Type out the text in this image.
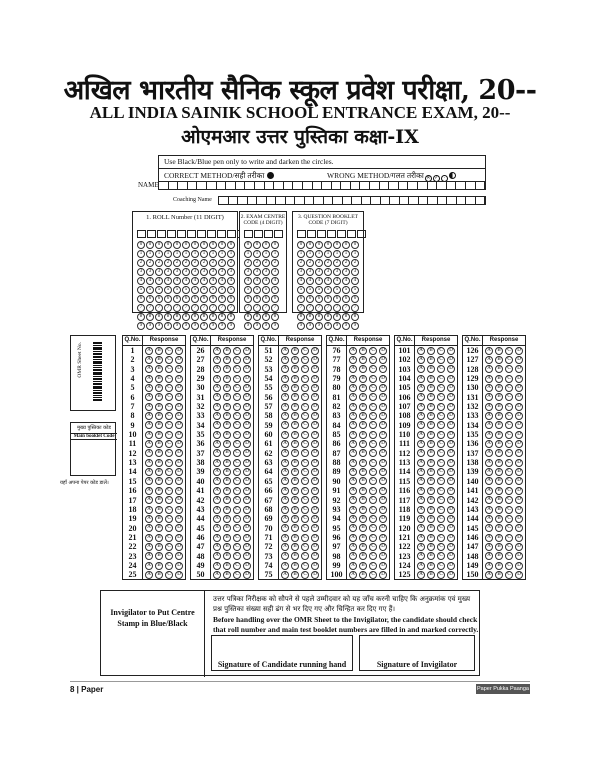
अखिल भारतीय सैनिक स्कूल प्रवेश परीक्षा, 20--
ALL INDIA SAINIK SCHOOL ENTRANCE EXAM, 20--
ओएमआर उत्तर पुस्तिका कक्षा-IX
Use Black/Blue pen only to write and darken the circles.
CORRECT METHOD/सही तरीका	WRONG METHOD/गलत तरीका ✕ ✓ ·
NAME
Coaching Name
1. ROLL Number (11 DIGIT)
0	0	0	0	0	0	0	0	0	0	0
1	1	1	1	1	1	1	1	1	1	1
2	2	2	2	2	2	2	2	2	2	2
3	3	3	3	3	3	3	3	3	3	3
4	4	4	4	4	4	4	4	4	4	4
5	5	5	5	5	5	5	5	5	5	5
6	6	6	6	6	6	6	6	6	6	6
7	7	7	7	7	7	7	7	7	7	7
8	8	8	8	8	8	8	8	8	8	8
9	9	9	9	9	9	9	9	9	9	9
2. EXAM CENTRE CODE (4 DIGIT)
0	0	0	0
1	1	1	1
2	2	2	2
3	3	3	3
4	4	4	4
5	5	5	5
6	6	6	6
7	7	7	7
8	8	8	8
9	9	9	9
3. QUESTION BOOKLET CODE (7 DIGIT)
0	0	0	0	0	0	0
1	1	1	1	1	1	1
2	2	2	2	2	2	2
3	3	3	3	3	3	3
4	4	4	4	4	4	4
5	5	5	5	5	5	5
6	6	6	6	6	6	6
7	7	7	7	7	7	7
8	8	8	8	8	8	8
9	9	9	9	9	9	9
OMR Sheet No.
मुख्य पुस्तिका कोड
Main booklet Code
यहाँ अपना पेपर कोड डालें।
Q.No.	Response
1	A	B	C	D
2	A	B	C	D
3	A	B	C	D
4	A	B	C	D
5	A	B	C	D
6	A	B	C	D
7	A	B	C	D
8	A	B	C	D
9	A	B	C	D
10	A	B	C	D
11	A	B	C	D
12	A	B	C	D
13	A	B	C	D
14	A	B	C	D
15	A	B	C	D
16	A	B	C	D
17	A	B	C	D
18	A	B	C	D
19	A	B	C	D
20	A	B	C	D
21	A	B	C	D
22	A	B	C	D
23	A	B	C	D
24	A	B	C	D
25	A	B	C	D
Q.No.	Response
26	A	B	C	D
27	A	B	C	D
28	A	B	C	D
29	A	B	C	D
30	A	B	C	D
31	A	B	C	D
32	A	B	C	D
33	A	B	C	D
34	A	B	C	D
35	A	B	C	D
36	A	B	C	D
37	A	B	C	D
38	A	B	C	D
39	A	B	C	D
40	A	B	C	D
41	A	B	C	D
42	A	B	C	D
43	A	B	C	D
44	A	B	C	D
45	A	B	C	D
46	A	B	C	D
47	A	B	C	D
48	A	B	C	D
49	A	B	C	D
50	A	B	C	D
Q.No.	Response
51	A	B	C	D
52	A	B	C	D
53	A	B	C	D
54	A	B	C	D
55	A	B	C	D
56	A	B	C	D
57	A	B	C	D
58	A	B	C	D
59	A	B	C	D
60	A	B	C	D
61	A	B	C	D
62	A	B	C	D
63	A	B	C	D
64	A	B	C	D
65	A	B	C	D
66	A	B	C	D
67	A	B	C	D
68	A	B	C	D
69	A	B	C	D
70	A	B	C	D
71	A	B	C	D
72	A	B	C	D
73	A	B	C	D
74	A	B	C	D
75	A	B	C	D
Q.No.	Response
76	A	B	C	D
77	A	B	C	D
78	A	B	C	D
79	A	B	C	D
80	A	B	C	D
81	A	B	C	D
82	A	B	C	D
83	A	B	C	D
84	A	B	C	D
85	A	B	C	D
86	A	B	C	D
87	A	B	C	D
88	A	B	C	D
89	A	B	C	D
90	A	B	C	D
91	A	B	C	D
92	A	B	C	D
93	A	B	C	D
94	A	B	C	D
95	A	B	C	D
96	A	B	C	D
97	A	B	C	D
98	A	B	C	D
99	A	B	C	D
100	A	B	C	D
Q.No.	Response
101	A	B	C	D
102	A	B	C	D
103	A	B	C	D
104	A	B	C	D
105	A	B	C	D
106	A	B	C	D
107	A	B	C	D
108	A	B	C	D
109	A	B	C	D
110	A	B	C	D
111	A	B	C	D
112	A	B	C	D
113	A	B	C	D
114	A	B	C	D
115	A	B	C	D
116	A	B	C	D
117	A	B	C	D
118	A	B	C	D
119	A	B	C	D
120	A	B	C	D
121	A	B	C	D
122	A	B	C	D
123	A	B	C	D
124	A	B	C	D
125	A	B	C	D
Q.No.	Response
126	A	B	C	D
127	A	B	C	D
128	A	B	C	D
129	A	B	C	D
130	A	B	C	D
131	A	B	C	D
132	A	B	C	D
133	A	B	C	D
134	A	B	C	D
135	A	B	C	D
136	A	B	C	D
137	A	B	C	D
138	A	B	C	D
139	A	B	C	D
140	A	B	C	D
141	A	B	C	D
142	A	B	C	D
143	A	B	C	D
144	A	B	C	D
145	A	B	C	D
146	A	B	C	D
147	A	B	C	D
148	A	B	C	D
149	A	B	C	D
150	A	B	C	D
Invigilator to Put Centre Stamp in Blue/Black
उत्तर पत्रिका निरीक्षक को सौपने से पहले उम्मीदवार को यह जाँच करनी चाहिए कि अनुक्रमांक एवं मुख्य प्रश्न पुस्तिका संख्या सही ढंग से भर दिए गए और चिन्हित कर दिए गए हैं।
Before handling over the OMR Sheet to the Invigilator, the candidate should check that roll number and main test booklet numbers are filled in and marked correctly.
Signature of Candidate running hand	Signature of Invigilator
8 | Paper	Paper Pukka Paanga
